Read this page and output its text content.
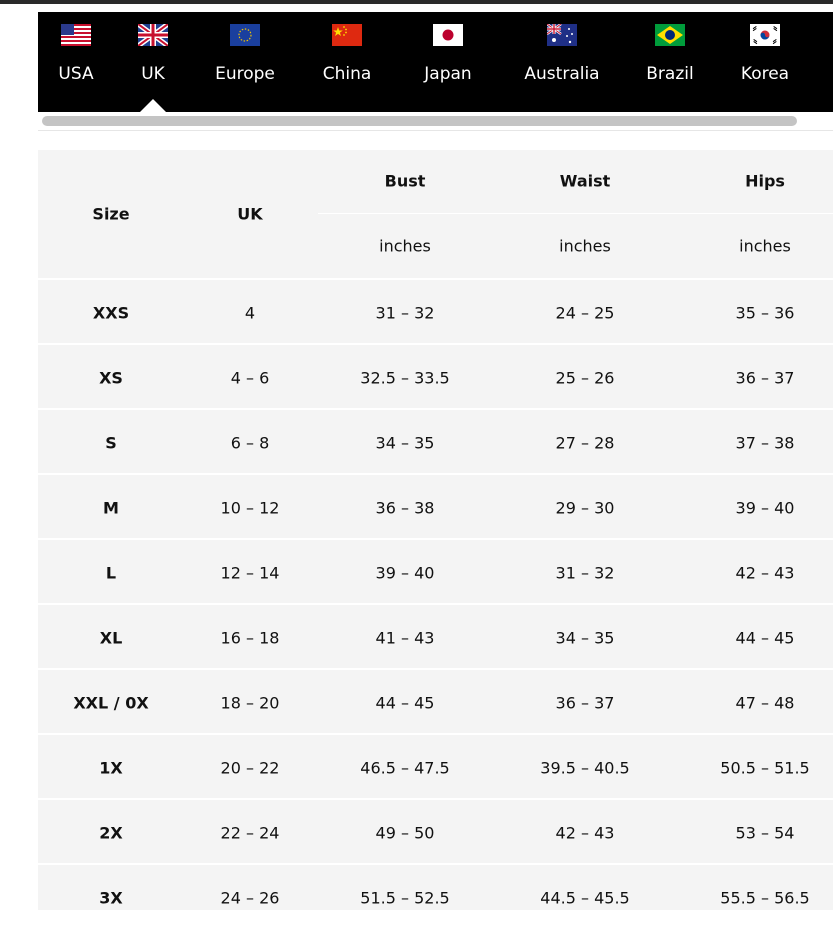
USA	UK	Europe	China	Japan	Australia	Brazil	Korea
Size	UK
Bust	Waist	Hips
inches	inches	inches
XXS	4	31 – 32	24 – 25	35 – 36
XS	4 – 6	32.5 – 33.5	25 – 26	36 – 37
S	6 – 8	34 – 35	27 – 28	37 – 38
M	10 – 12	36 – 38	29 – 30	39 – 40
L	12 – 14	39 – 40	31 – 32	42 – 43
XL	16 – 18	41 – 43	34 – 35	44 – 45
XXL / 0X	18 – 20	44 – 45	36 – 37	47 – 48
1X	20 – 22	46.5 – 47.5	39.5 – 40.5	50.5 – 51.5
2X	22 – 24	49 – 50	42 – 43	53 – 54
3X	24 – 26	51.5 – 52.5	44.5 – 45.5	55.5 – 56.5
